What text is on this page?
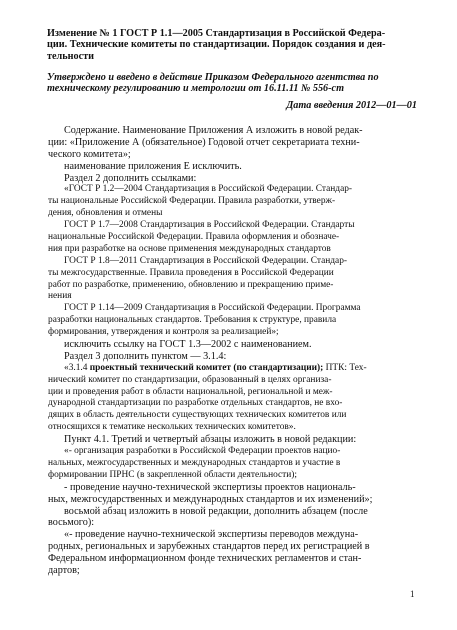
Изменение № 1 ГОСТ Р 1.1—2005 Стандартизация в Российской Федера-
ции. Технические комитеты по стандартизации. Порядок создания и дея-
тельности
Утверждено и введено в действие Приказом Федерального агентства по
техническому регулированию и метрологии от 16.11.11 № 556-ст
Дата введения 2012—01—01
Содержание. Наименование Приложения А изложить в новой редак-
ции: «Приложение А (обязательное) Годовой отчет секретариата техни-
ческого комитета»;
наименование приложения Е исключить.
Раздел 2 дополнить ссылками:
«ГОСТ Р 1.2—2004 Стандартизация в Российской Федерации. Стандар-
ты национальные Российской Федерации. Правила разработки, утверж-
дения, обновления и отмены
ГОСТ Р 1.7—2008 Стандартизация в Российской Федерации. Стандарты
национальные Российской Федерации. Правила оформления и обозначе-
ния при разработке на основе применения международных стандартов
ГОСТ Р 1.8—2011 Стандартизация в Российской Федерации. Стандар-
ты межгосударственные. Правила проведения в Российской Федерации
работ по разработке, применению, обновлению и прекращению приме-
нения
ГОСТ Р 1.14—2009 Стандартизация в Российской Федерации. Программа
разработки национальных стандартов. Требования к структуре, правила
формирования, утверждения и контроля за реализацией»;
исключить ссылку на ГОСТ 1.3—2002 с наименованием.
Раздел 3 дополнить пунктом — 3.1.4:
«3.1.4 проектный технический комитет (по стандартизации); ПТК: Тех-
нический комитет по стандартизации, образованный в целях организа-
ции и проведения работ в области национальной, региональной и меж-
дународной стандартизации по разработке отдельных стандартов, не вхо-
дящих в область деятельности существующих технических комитетов или
относящихся к тематике нескольких технических комитетов».
Пункт 4.1. Третий и четвертый абзацы изложить в новой редакции:
«- организация разработки в Российской Федерации проектов нацио-
нальных, межгосударственных и международных стандартов и участие в
формировании ПРНС (в закрепленной области деятельности);
- проведение научно-технической экспертизы проектов националь-
ных, межгосударственных и международных стандартов и их изменений»;
восьмой абзац изложить в новой редакции, дополнить абзацем (после
восьмого):
«- проведение научно-технической экспертизы переводов междуна-
родных, региональных и зарубежных стандартов перед их регистрацией в
Федеральном информационном фонде технических регламентов и стан-
дартов;
1
